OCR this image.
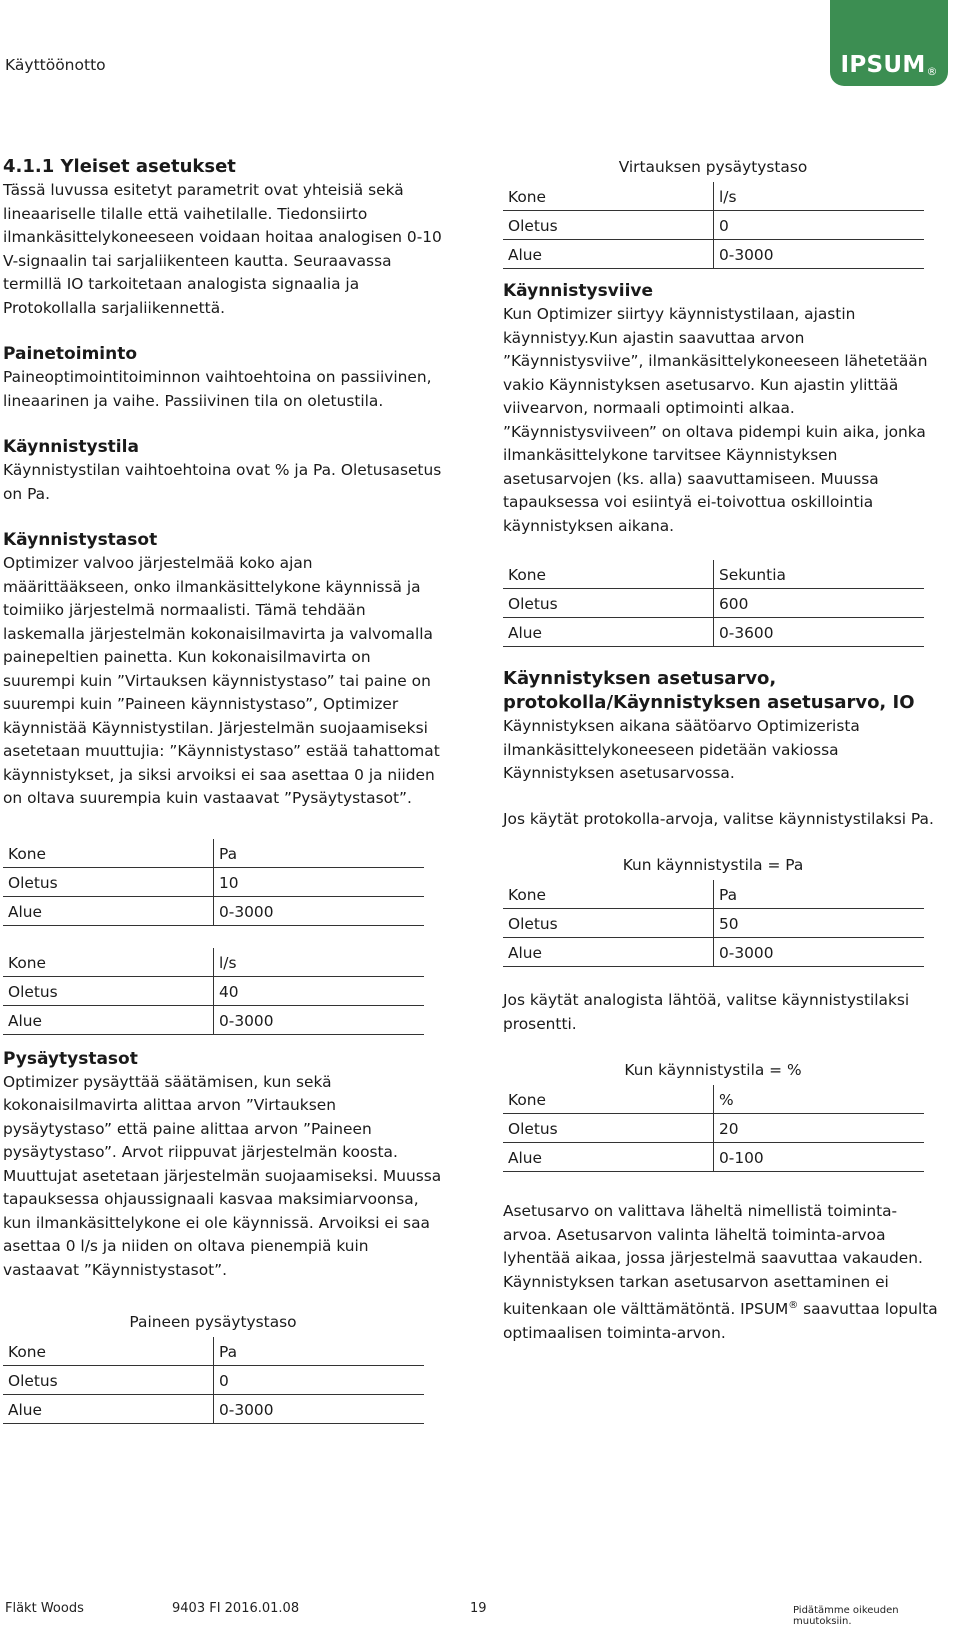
Käyttöönotto	IPSUM ®
4.1.1 Yleiset asetukset

Tässä luvussa esitetyt parametrit ovat yhteisiä sekä lineaariselle tilalle että vaihetilalle. Tiedonsiirto ilmankäsittelykoneeseen voidaan hoitaa analogisen 0-10 V-signaalin tai sarjaliikenteen kautta. Seuraavassa termillä IO tarkoitetaan analogista signaalia ja Protokollalla sarjaliikennettä.

Painetoiminto

Paineoptimointitoiminnon vaihtoehtoina on passiivinen, lineaarinen ja vaihe. Passiivinen tila on oletustila.

Käynnistystila

Käynnistystilan vaihtoehtoina ovat % ja Pa. Oletusasetus on Pa.

Käynnistystasot

Optimizer valvoo järjestelmää koko ajan määrittääkseen, onko ilmankäsittelykone käynnissä ja toimiiko järjestelmä normaalisti. Tämä tehdään laskemalla järjestelmän kokonaisilmavirta ja valvomalla painepeltien painetta. Kun kokonaisilmavirta on suurempi kuin ”Virtauksen käynnistystaso” tai paine on suurempi kuin ”Paineen käynnistystaso”, Optimizer käynnistää Käynnistystilan. Järjestelmän suojaamiseksi asetetaan muuttujia: ”Käynnistystaso” estää tahattomat käynnistykset, ja siksi arvoiksi ei saa asettaa 0 ja niiden on oltava suurempia kuin vastaavat ”Pysäytystasot”.

Kone	Pa
Oletus	10
Alue	0-3000
Kone	l/s
Oletus	40
Alue	0-3000
Pysäytystasot

Optimizer pysäyttää säätämisen, kun sekä kokonaisilmavirta alittaa arvon ”Virtauksen pysäytystaso” että paine alittaa arvon ”Paineen pysäytystaso”. Arvot riippuvat järjestelmän koosta. Muuttujat asetetaan järjestelmän suojaamiseksi. Muussa tapauksessa ohjaussignaali kasvaa maksimiarvoonsa, kun ilmankäsittelykone ei ole käynnissä. Arvoiksi ei saa asettaa 0 l/s ja niiden on oltava pienempiä kuin vastaavat ”Käynnistystasot”.

Paineen pysäytystaso

Kone	Pa
Oletus	0
Alue	0-3000

Virtauksen pysäytystaso

Kone	l/s
Oletus	0
Alue	0-3000
Käynnistysviive

Kun Optimizer siirtyy käynnistystilaan, ajastin käynnistyy.Kun ajastin saavuttaa arvon ”Käynnistysviive”, ilmankäsittelykoneeseen lähetetään vakio Käynnistyksen asetusarvo. Kun ajastin ylittää viivearvon, normaali optimointi alkaa. ”Käynnistysviiveen” on oltava pidempi kuin aika, jonka ilmankäsittelykone tarvitsee Käynnistyksen asetusarvojen (ks. alla) saavuttamiseen. Muussa tapauksessa voi esiintyä ei-toivottua oskillointia käynnistyksen aikana.

Kone	Sekuntia
Oletus	600
Alue	0-3600
Käynnistyksen asetusarvo, protokolla/Käynnistyksen asetusarvo, IO

Käynnistyksen aikana säätöarvo Optimizerista ilmankäsittelykoneeseen pidetään vakiossa Käynnistyksen asetusarvossa.

Jos käytät protokolla-arvoja, valitse käynnistystilaksi Pa.

Kun käynnistystila = Pa

Kone	Pa
Oletus	50
Alue	0-3000

Jos käytät analogista lähtöä, valitse käynnistystilaksi prosentti.

Kun käynnistystila = %

Kone	%
Oletus	20
Alue	0-100

Asetusarvo on valittava läheltä nimellistä toiminta-arvoa. Asetusarvon valinta läheltä toiminta-arvoa lyhentää aikaa, jossa järjestelmä saavuttaa vakauden. Käynnistyksen tarkan asetusarvon asettaminen ei kuitenkaan ole välttämätöntä. IPSUM® saavuttaa lopulta optimaalisen toiminta-arvon.

Fläkt Woods	9403 FI 2016.01.08	19	Pidätämme oikeuden muutoksiin.
